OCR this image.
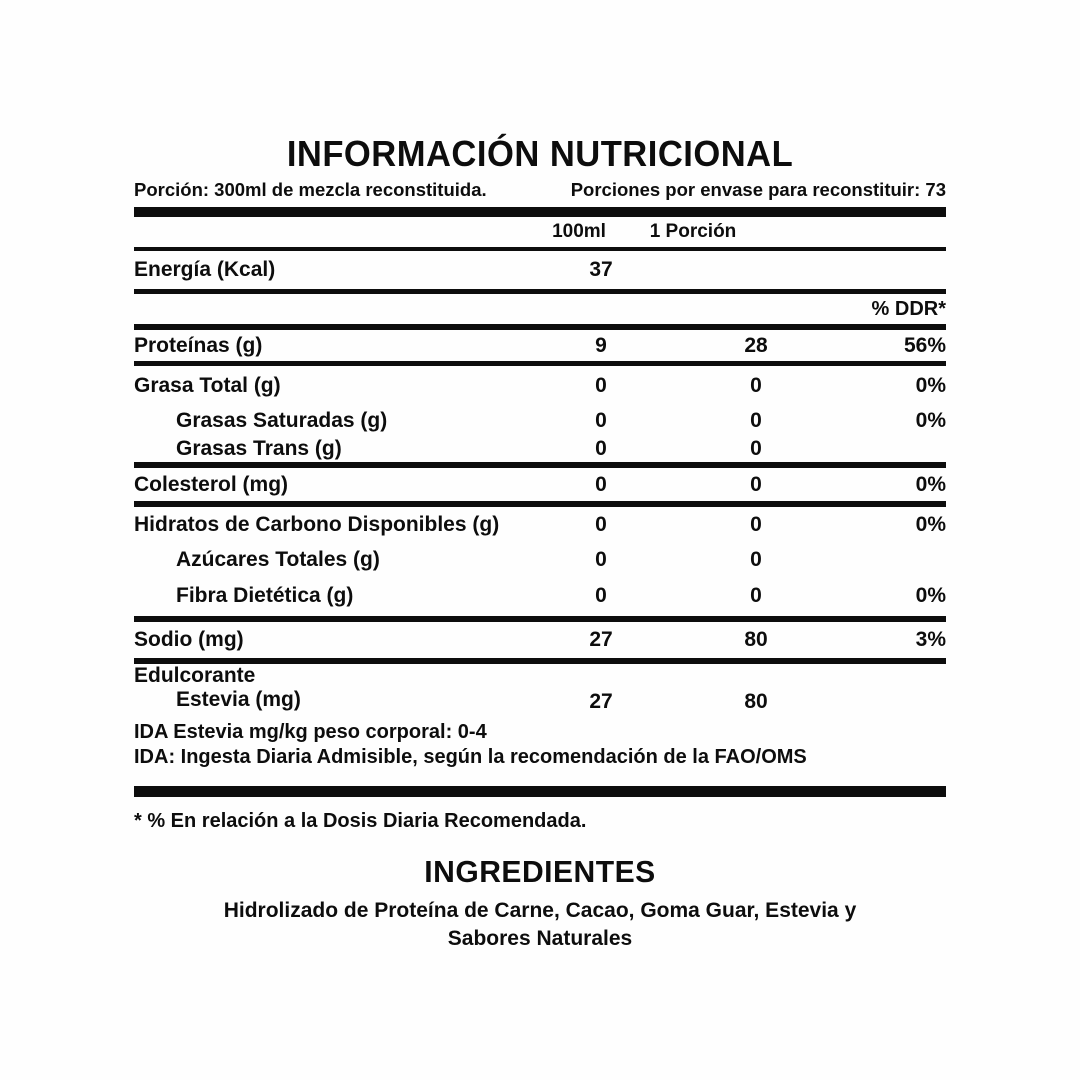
INFORMACIÓN NUTRICIONAL
Porción: 300ml de mezcla reconstituida.	Porciones por envase para reconstituir: 73
100ml 1 Porción
Energía (Kcal)	37
% DDR*
Proteínas (g)	9	28	56%
Grasa Total (g)	0	0	0%
Grasas Saturadas (g)	0	0	0%
Grasas Trans (g)	0	0
Colesterol (mg)	0	0	0%
Hidratos de Carbono Disponibles (g)	0	0	0%
Azúcares Totales (g)	0	0
Fibra Dietética (g)	0	0	0%
Sodio (mg)	27	80	3%
Edulcorante
Estevia (mg)	27	80
IDA Estevia mg/kg peso corporal: 0-4
IDA: Ingesta Diaria Admisible, según la recomendación de la FAO/OMS
* % En relación a la Dosis Diaria Recomendada.
INGREDIENTES
Hidrolizado de Proteína de Carne, Cacao, Goma Guar, Estevia y
Sabores Naturales
